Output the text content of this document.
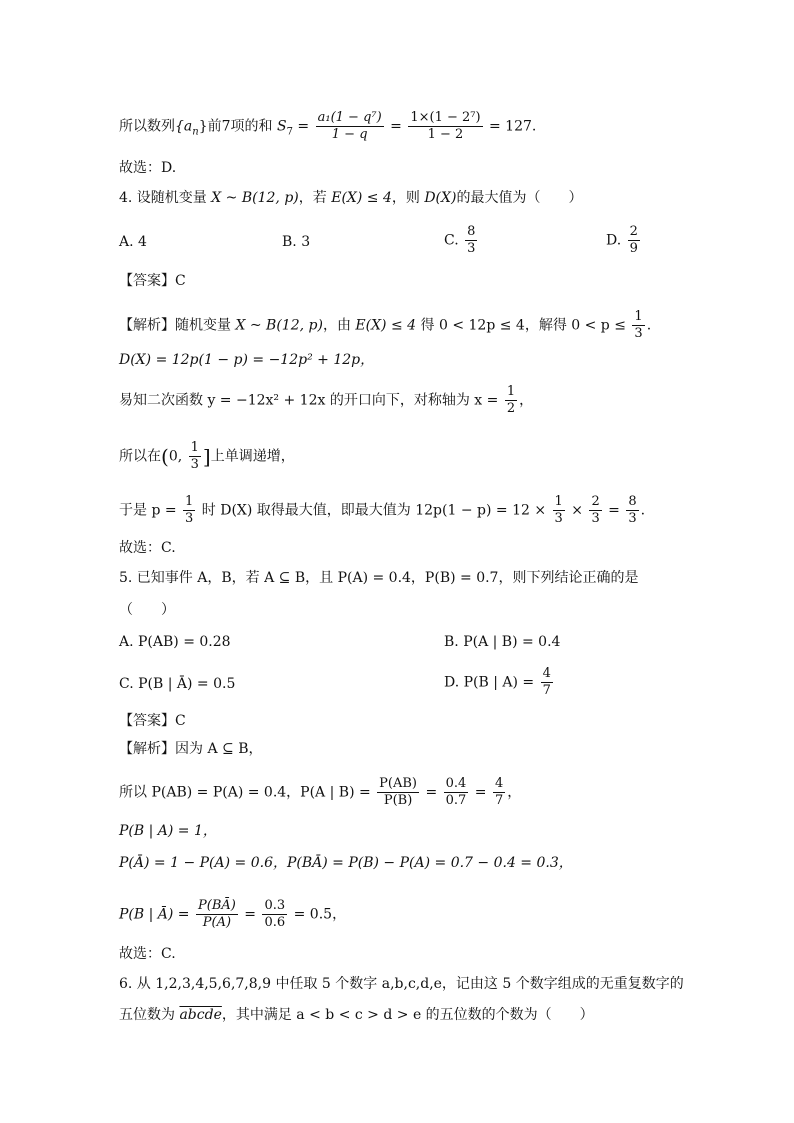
所以数列$\{a_n\}$前7项的和 $S_7 = \frac{\text{a₁(1 − q⁷)}}{1 - q} = \frac{\text{1×(1 − 2⁷)}}{1 - 2} = 127$.
故选：D.
4. 设随机变量 X ~ B(12, p)，若 E(X) ≤ 4，则 D(X)的最大值为（　　）
A. 4	B. 3	C. $\frac{8}{3}$	D. $\frac{2}{9}$
【答案】C
【解析】随机变量 X ~ B(12, p)，由 E(X) ≤ 4 得 0 < 12p ≤ 4，解得 $0 < p \le \frac{1}{3}$ .
D(X) = 12p(1 − p) = −12p² + 12p，
易知二次函数 y = −12x² + 12x 的开口向下，对称轴为 $x = \frac{1}{2}$ ，
所以在(0, $\frac{1}{3}$ ]上单调递增，
于是 $p = \frac{1}{3}$ 时 D(X) 取得最大值，即最大值为 $12p(1 - p) = 12 \times \frac{1}{3} \times \frac{2}{3} = \frac{8}{3}$ .
故选：C.
5. 已知事件 A，B，若 A ⊆ B，且 P(A) = 0.4，P(B) = 0.7，则下列结论正确的是
（　　）
A. P(AB) = 0.28	B. P(A | B) = 0.4
C. P(B | Ā) = 0.5	D. P(B | $A) = \frac{4}{7}$
【答案】C
【解析】因为 A ⊆ B，
所以 P(AB) = P(A) = 0.4，P(A | $B) = \frac{P(AB)}{P(B)} = \frac{0.4}{0.7} = \frac{4}{7}$ ，
P(B | A) = 1，
P(Ā) = 1 − P(A) = 0.6，P(BĀ) = P(B) − P(A) = 0.7 − 0.4 = 0.3，
P(B | Ā) = $\frac{P(BĀ)}{P(Ā)} = \frac{0.3}{0.6} = 0.5$，
故选：C.
6. 从 1,2,3,4,5,6,7,8,9 中任取 5 个数字 a,b,c,d,e，记由这 5 个数字组成的无重复数字的
五位数为 abcde，其中满足 a < b < c > d > e 的五位数的个数为（　　）
